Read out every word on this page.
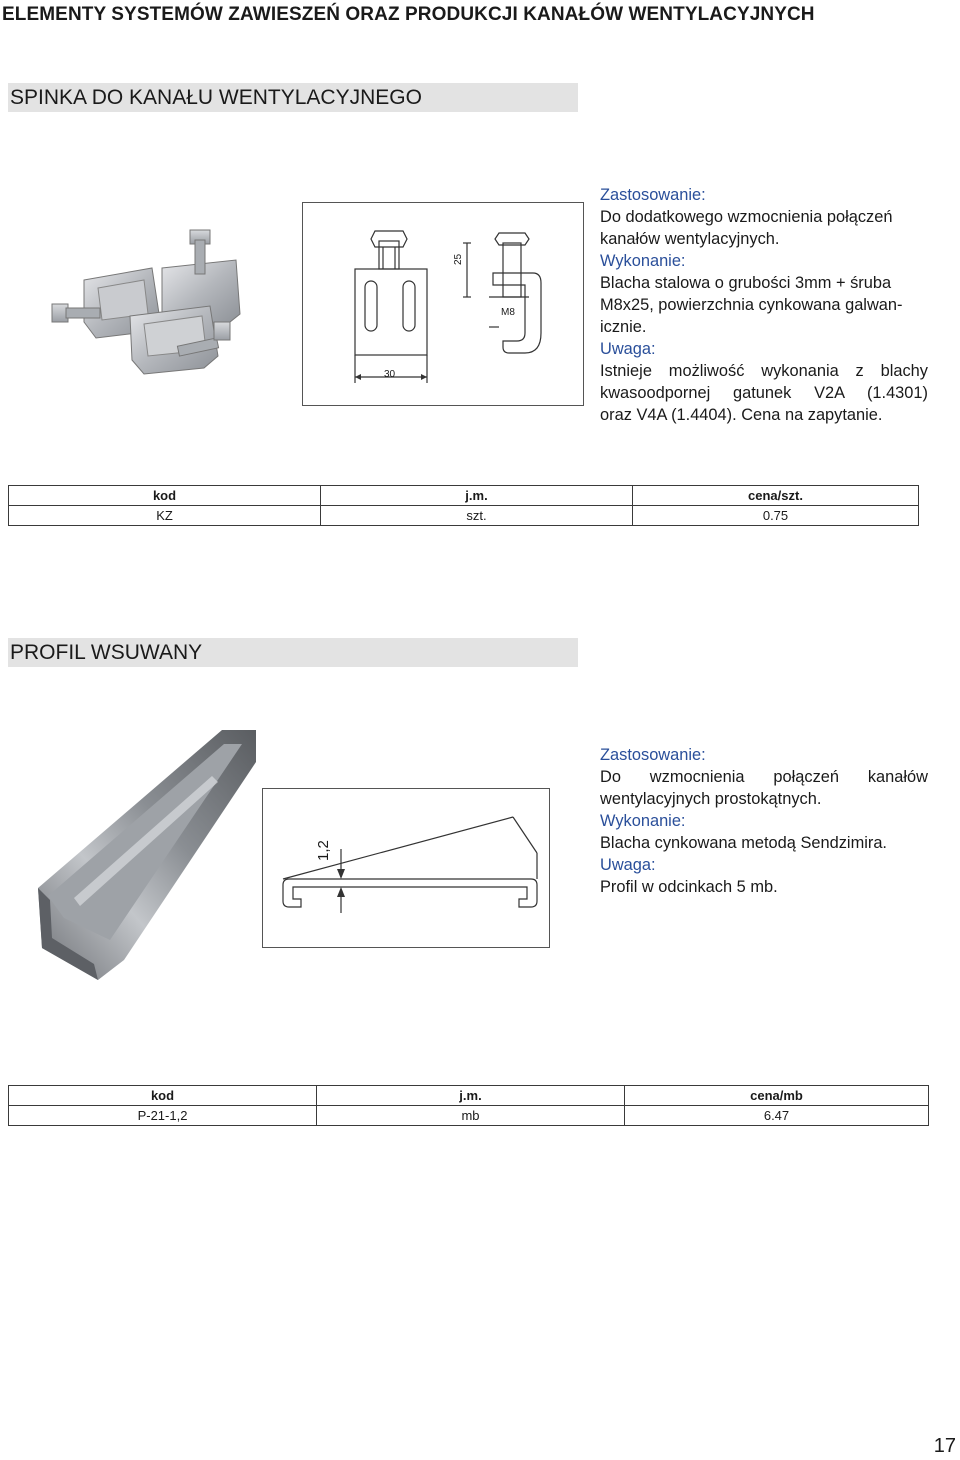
ELEMENTY SYSTEMÓW ZAWIESZEŃ ORAZ PRODUKCJI KANAŁÓW WENTYLACYJNYCH
SPINKA DO KANAŁU WENTYLACYJNEGO
30
25
M8
Zastosowanie:
Do dodatkowego wzmocnienia połączeń
kanałów wentylacyjnych.
Wykonanie:
Blacha stalowa o grubości 3mm + śruba
M8x25, powierzchnia cynkowana galwan-
icznie.
Uwaga:
Istnieje możliwość wykonania z blachy
kwasoodpornej gatunek V2A (1.4301)
oraz V4A (1.4404). Cena na zapytanie.
kod	j.m.	cena/szt.
KZ	szt.	0.75
PROFIL WSUWANY
1,2
Zastosowanie:
Do wzmocnienia połączeń kanałów
wentylacyjnych prostokątnych.
Wykonanie:
Blacha cynkowana metodą Sendzimira.
Uwaga:
Profil w odcinkach 5 mb.
kod	j.m.	cena/mb
P-21-1,2	mb	6.47
17
